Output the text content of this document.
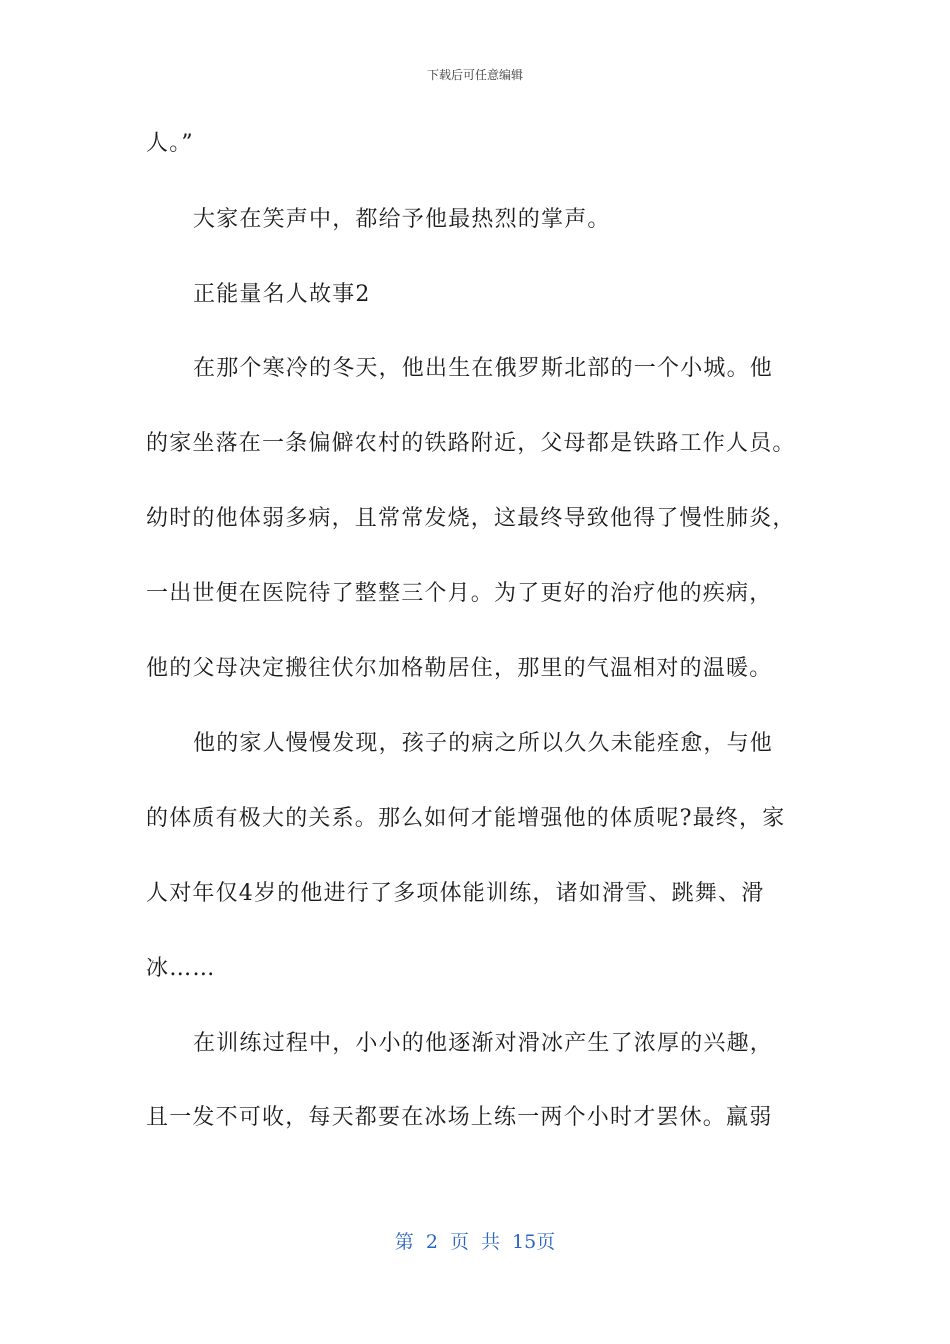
下载后可任意编辑
人。”
大家在笑声中，都给予他最热烈的掌声。
正能量名人故事2
在那个寒冷的冬天，他出生在俄罗斯北部的一个小城。他
的家坐落在一条偏僻农村的铁路附近，父母都是铁路工作人员。
幼时的他体弱多病，且常常发烧，这最终导致他得了慢性肺炎，
一出世便在医院待了整整三个月。为了更好的治疗他的疾病，
他的父母决定搬往伏尔加格勒居住，那里的气温相对的温暖。
他的家人慢慢发现，孩子的病之所以久久未能痊愈，与他
的体质有极大的关系。那么如何才能增强他的体质呢?最终，家
人对年仅4岁的他进行了多项体能训练，诸如滑雪、跳舞、滑
冰……
在训练过程中，小小的他逐渐对滑冰产生了浓厚的兴趣，
且一发不可收，每天都要在冰场上练一两个小时才罢休。羸弱
第 2 页 共 15页
